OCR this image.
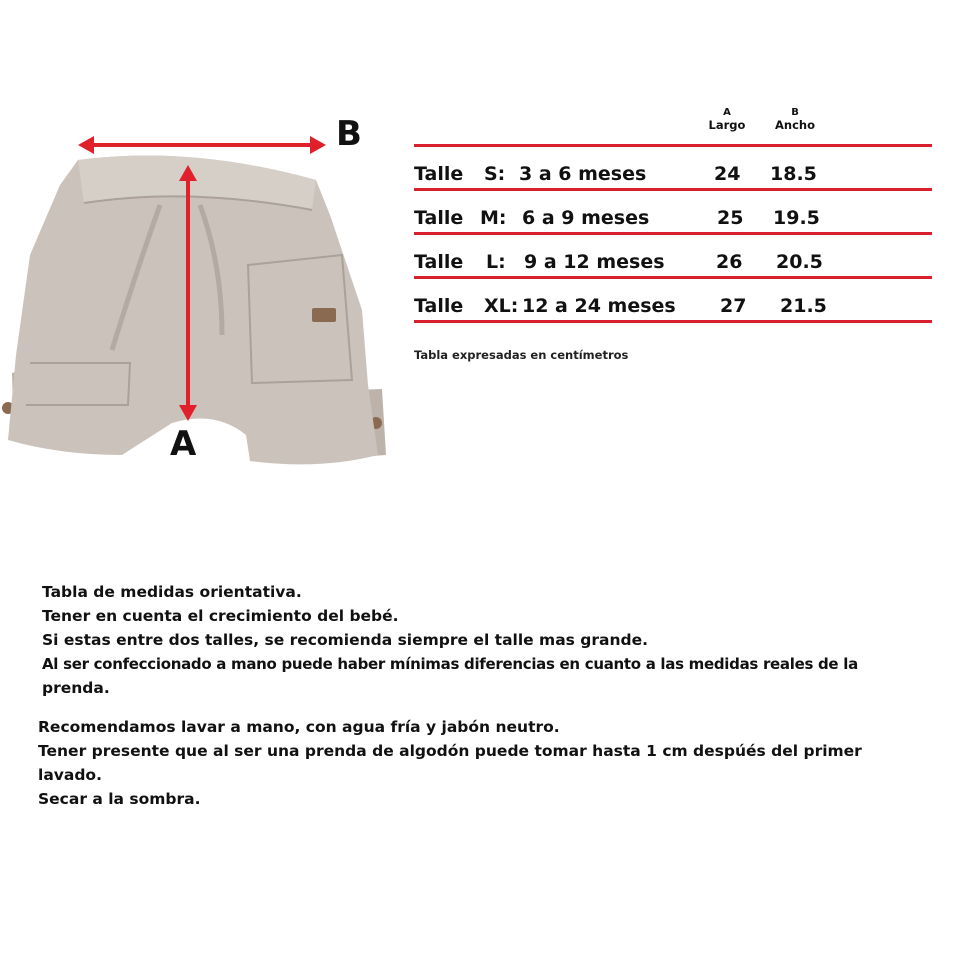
B
A
A
Largo
B
Ancho
Talle S: 3 a 6 meses	24 18.5
Talle M: 6 a 9 meses	25 19.5
Talle L: 9 a 12 meses	26 20.5
Talle XL: 12 a 24 meses 27 21.5
Tabla expresadas en centímetros
Tabla de medidas orientativa.
Tener en cuenta el crecimiento del bebé.
Si estas entre dos talles, se recomienda siempre el talle mas grande.
Al ser confeccionado a mano puede haber mínimas diferencias en cuanto a las medidas reales de la
prenda.
Recomendamos lavar a mano, con agua fría y jabón neutro.
Tener presente que al ser una prenda de algodón puede tomar hasta 1 cm despúés del primer
lavado.
Secar a la sombra.
